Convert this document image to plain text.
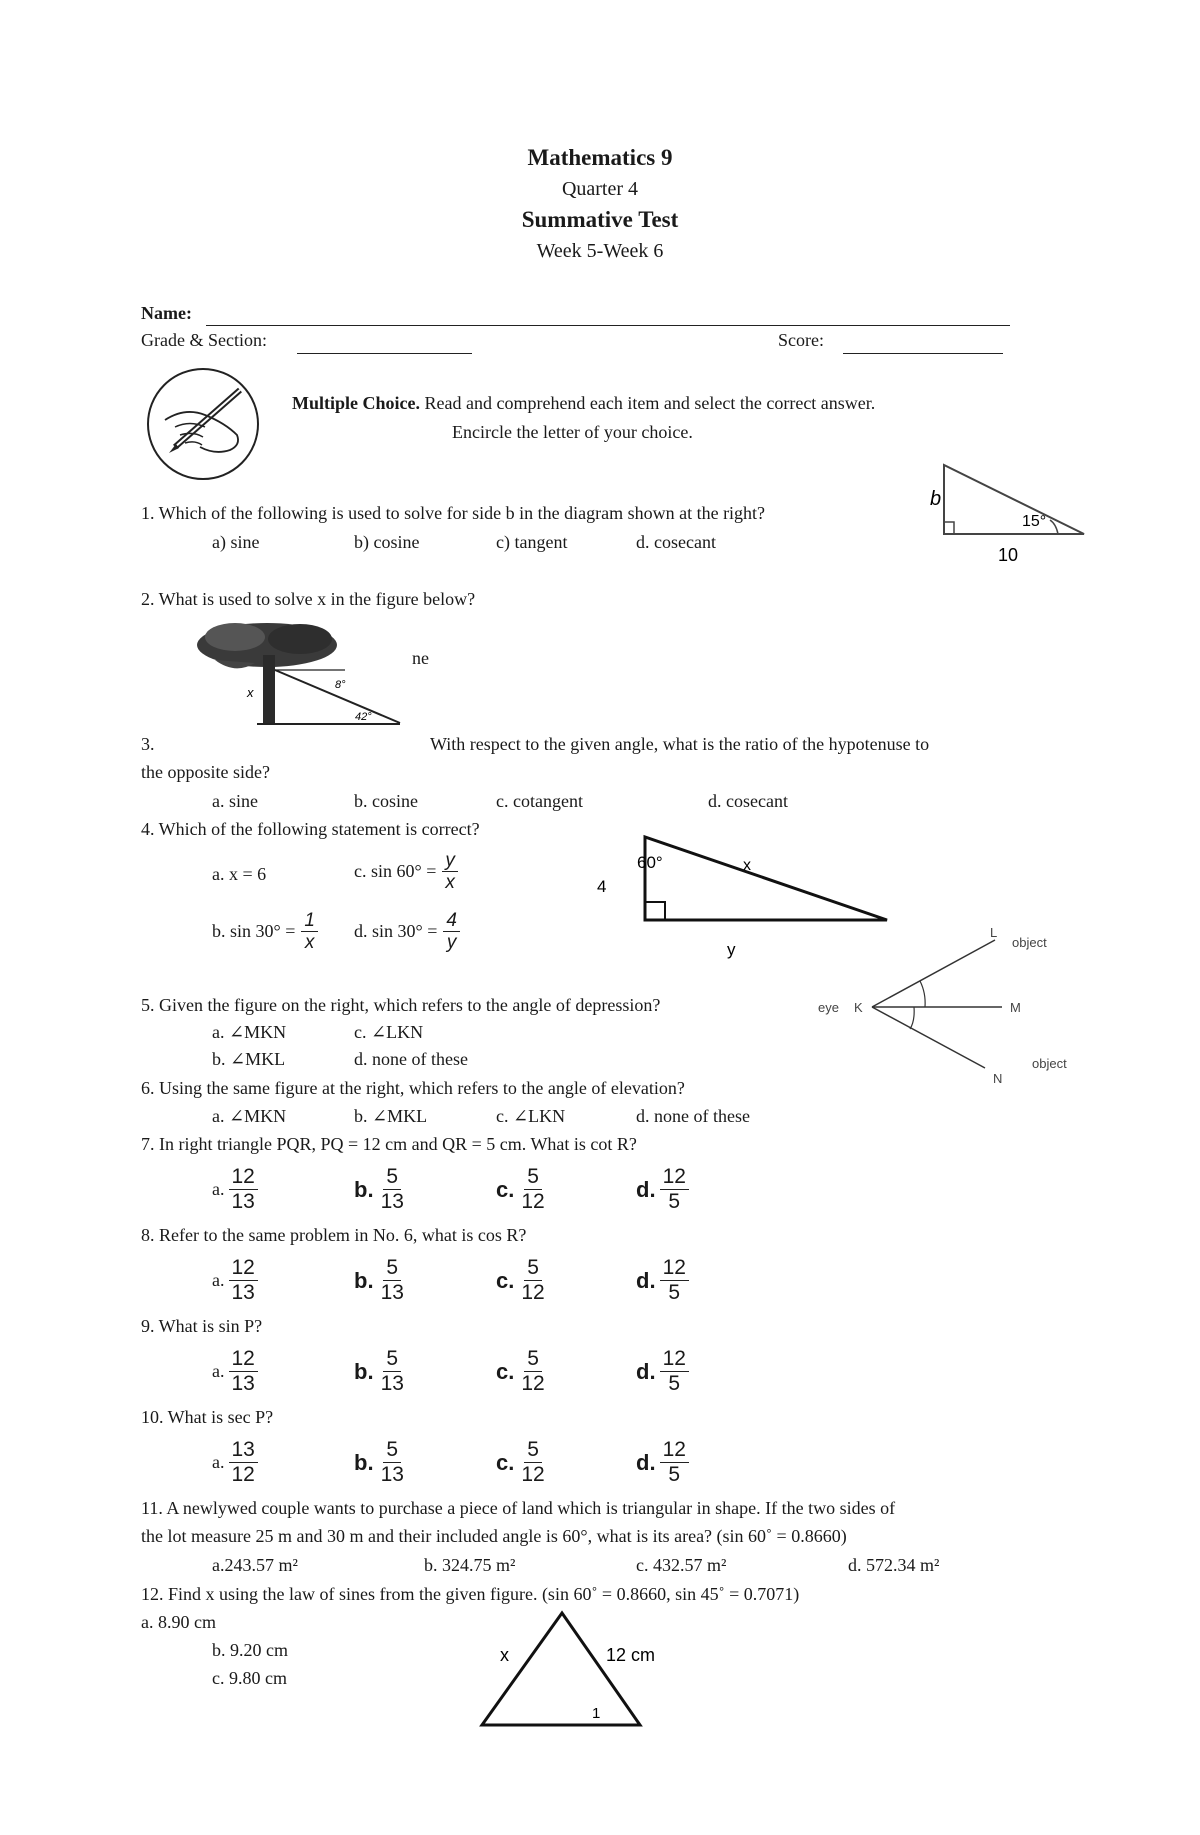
Mathematics 9
Quarter 4
Summative Test
Week 5-Week 6
Name:
Grade & Section:	Score:
Multiple Choice. Read and comprehend each item and select the correct answer.
Encircle the letter of your choice.
1. Which of the following is used to solve for side b in the diagram shown at the right?
a) sine	b) cosine	c) tangent	d. cosecant
b
15°
10
2. What is used to solve x in the figure below?
x	8°
42°
ne
3.	With respect to the given angle, what is the ratio of the hypotenuse to
the opposite side?
a. sine	b. cosine	c. cotangent	d. cosecant
4. Which of the following statement is correct?
a. x = 6	c. $\sin 60^\circ = \frac{y}{x}$
b. $\sin 30^\circ = \frac{1}{x} d$. $\sin 30^\circ = \frac{4}{y}$
60°	x
4
y
5. Given the figure on the right, which refers to the angle of depression?
a. ∠MKN	c. ∠LKN
b. ∠MKL	d. none of these
L
object
eye K	M
N
object
6. Using the same figure at the right, which refers to the angle of elevation?
a. ∠MKN	b. ∠MKL	c. ∠LKN	d. none of these
7. In right triangle PQR, PQ = 12 cm and QR = 5 cm. What is cot R?
a. $\frac{12}{13}$	b. $\frac{5}{13}$	c. $\frac{5}{12}$	d. $\frac{12}{5}$
8. Refer to the same problem in No. 6, what is cos R?
a. $\frac{12}{13}$	b. $\frac{5}{13}$	c. $\frac{5}{12}$	d. $\frac{12}{5}$
9. What is sin P?
a. $\frac{12}{13}$	b. $\frac{5}{13}$	c. $\frac{5}{12}$	d. $\frac{12}{5}$
10. What is sec P?
a. $\frac{13}{12}$	b. $\frac{5}{13}$	c. $\frac{5}{12}$	d. $\frac{12}{5}$
11. A newlywed couple wants to purchase a piece of land which is triangular in shape. If the two sides of
the lot measure 25 m and 30 m and their included angle is 60°, what is its area? (sin 60˚ = 0.8660)
a.243.57 m²	b. 324.75 m²	c. 432.57 m²	d. 572.34 m²
12. Find x using the law of sines from the given figure. (sin 60˚ = 0.8660, sin 45˚ = 0.7071)
a. 8.90 cm
b. 9.20 cm
c. 9.80 cm
x	12 cm
1
